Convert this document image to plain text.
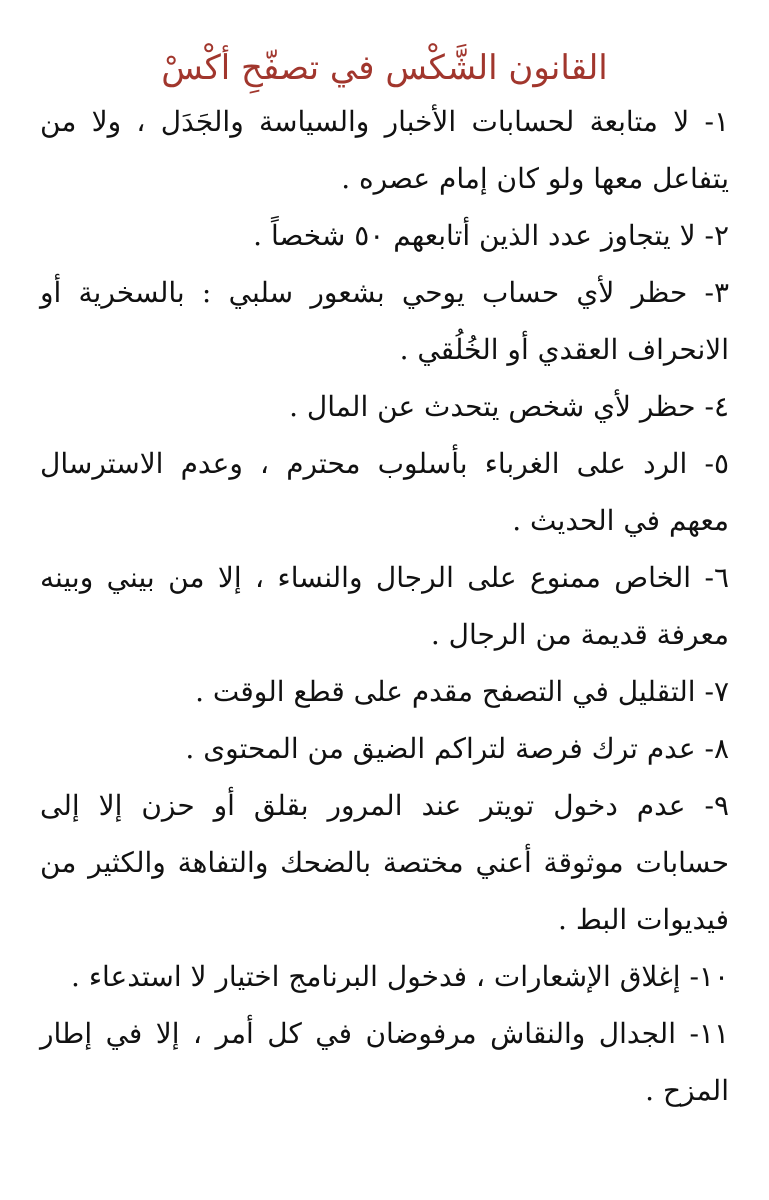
القانون الشَّكْس في تصفّحِ أكْسْ
١- لا متابعة لحسابات الأخبار والسياسة والجَدَل ، ولا من يتفاعل معها ولو كان إمام عصره .
٢- لا يتجاوز عدد الذين أتابعهم ٥٠ شخصاً .
٣- حظر لأي حساب يوحي بشعور سلبي : بالسخرية أو الانحراف العقدي أو الخُلُقي .
٤- حظر لأي شخص يتحدث عن المال .
٥- الرد على الغرباء بأسلوب محترم ، وعدم الاسترسال معهم في الحديث .
٦- الخاص ممنوع على الرجال والنساء ، إلا من بيني وبينه معرفة قديمة من الرجال .
٧- التقليل في التصفح مقدم على قطع الوقت .
٨- عدم ترك فرصة لتراكم الضيق من المحتوى .
٩- عدم دخول تويتر عند المرور بقلق أو حزن إلا إلى حسابات موثوقة أعني مختصة بالضحك والتفاهة والكثير من فيديوات البط .
١٠- إغلاق الإشعارات ، فدخول البرنامج اختيار لا استدعاء .
١١- الجدال والنقاش مرفوضان في كل أمر ، إلا في إطار المزح .
